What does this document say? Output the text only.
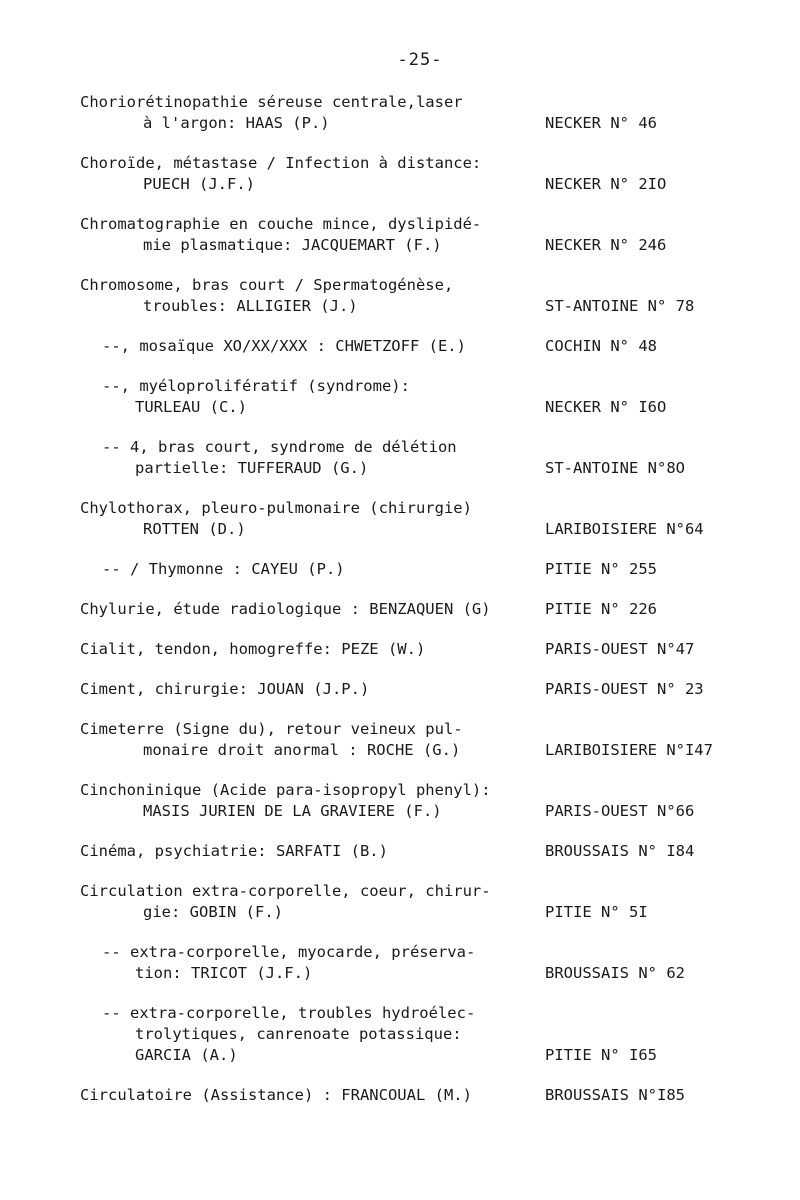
-25-
Choriorétinopathie séreuse centrale,laser
à l'argon: HAAS (P.)	NECKER N° 46
Choroïde, métastase / Infection à distance:
PUECH (J.F.)	NECKER N° 2IO
Chromatographie en couche mince, dyslipidé-
mie plasmatique: JACQUEMART (F.)	NECKER N° 246
Chromosome, bras court / Spermatogénèse,
troubles: ALLIGIER (J.)	ST-ANTOINE N° 78
--, mosaïque XO/XX/XXX : CHWETZOFF (E.)	COCHIN N° 48
--, myéloprolifératif (syndrome):
TURLEAU (C.)	NECKER N° I6O
-- 4, bras court, syndrome de délétion
partielle: TUFFERAUD (G.)	ST-ANTOINE N°8O
Chylothorax, pleuro-pulmonaire (chirurgie)
ROTTEN (D.)	LARIBOISIERE N°64
-- / Thymonne : CAYEU (P.)	PITIE N° 255
Chylurie, étude radiologique : BENZAQUEN (G)	PITIE N° 226
Cialit, tendon, homogreffe: PEZE (W.)	PARIS-OUEST N°47
Ciment, chirurgie: JOUAN (J.P.)	PARIS-OUEST N° 23
Cimeterre (Signe du), retour veineux pul-
monaire droit anormal : ROCHE (G.)	LARIBOISIERE N°I47
Cinchoninique (Acide para-isopropyl phenyl):
MASIS JURIEN DE LA GRAVIERE (F.)	PARIS-OUEST N°66
Cinéma, psychiatrie: SARFATI (B.)	BROUSSAIS N° I84
Circulation extra-corporelle, coeur, chirur-
gie: GOBIN (F.)	PITIE N° 5I
-- extra-corporelle, myocarde, préserva-
tion: TRICOT (J.F.)	BROUSSAIS N° 62
-- extra-corporelle, troubles hydroélec-
trolytiques, canrenoate potassique:
GARCIA (A.)	PITIE N° I65
Circulatoire (Assistance) : FRANCOUAL (M.)	BROUSSAIS N°I85
